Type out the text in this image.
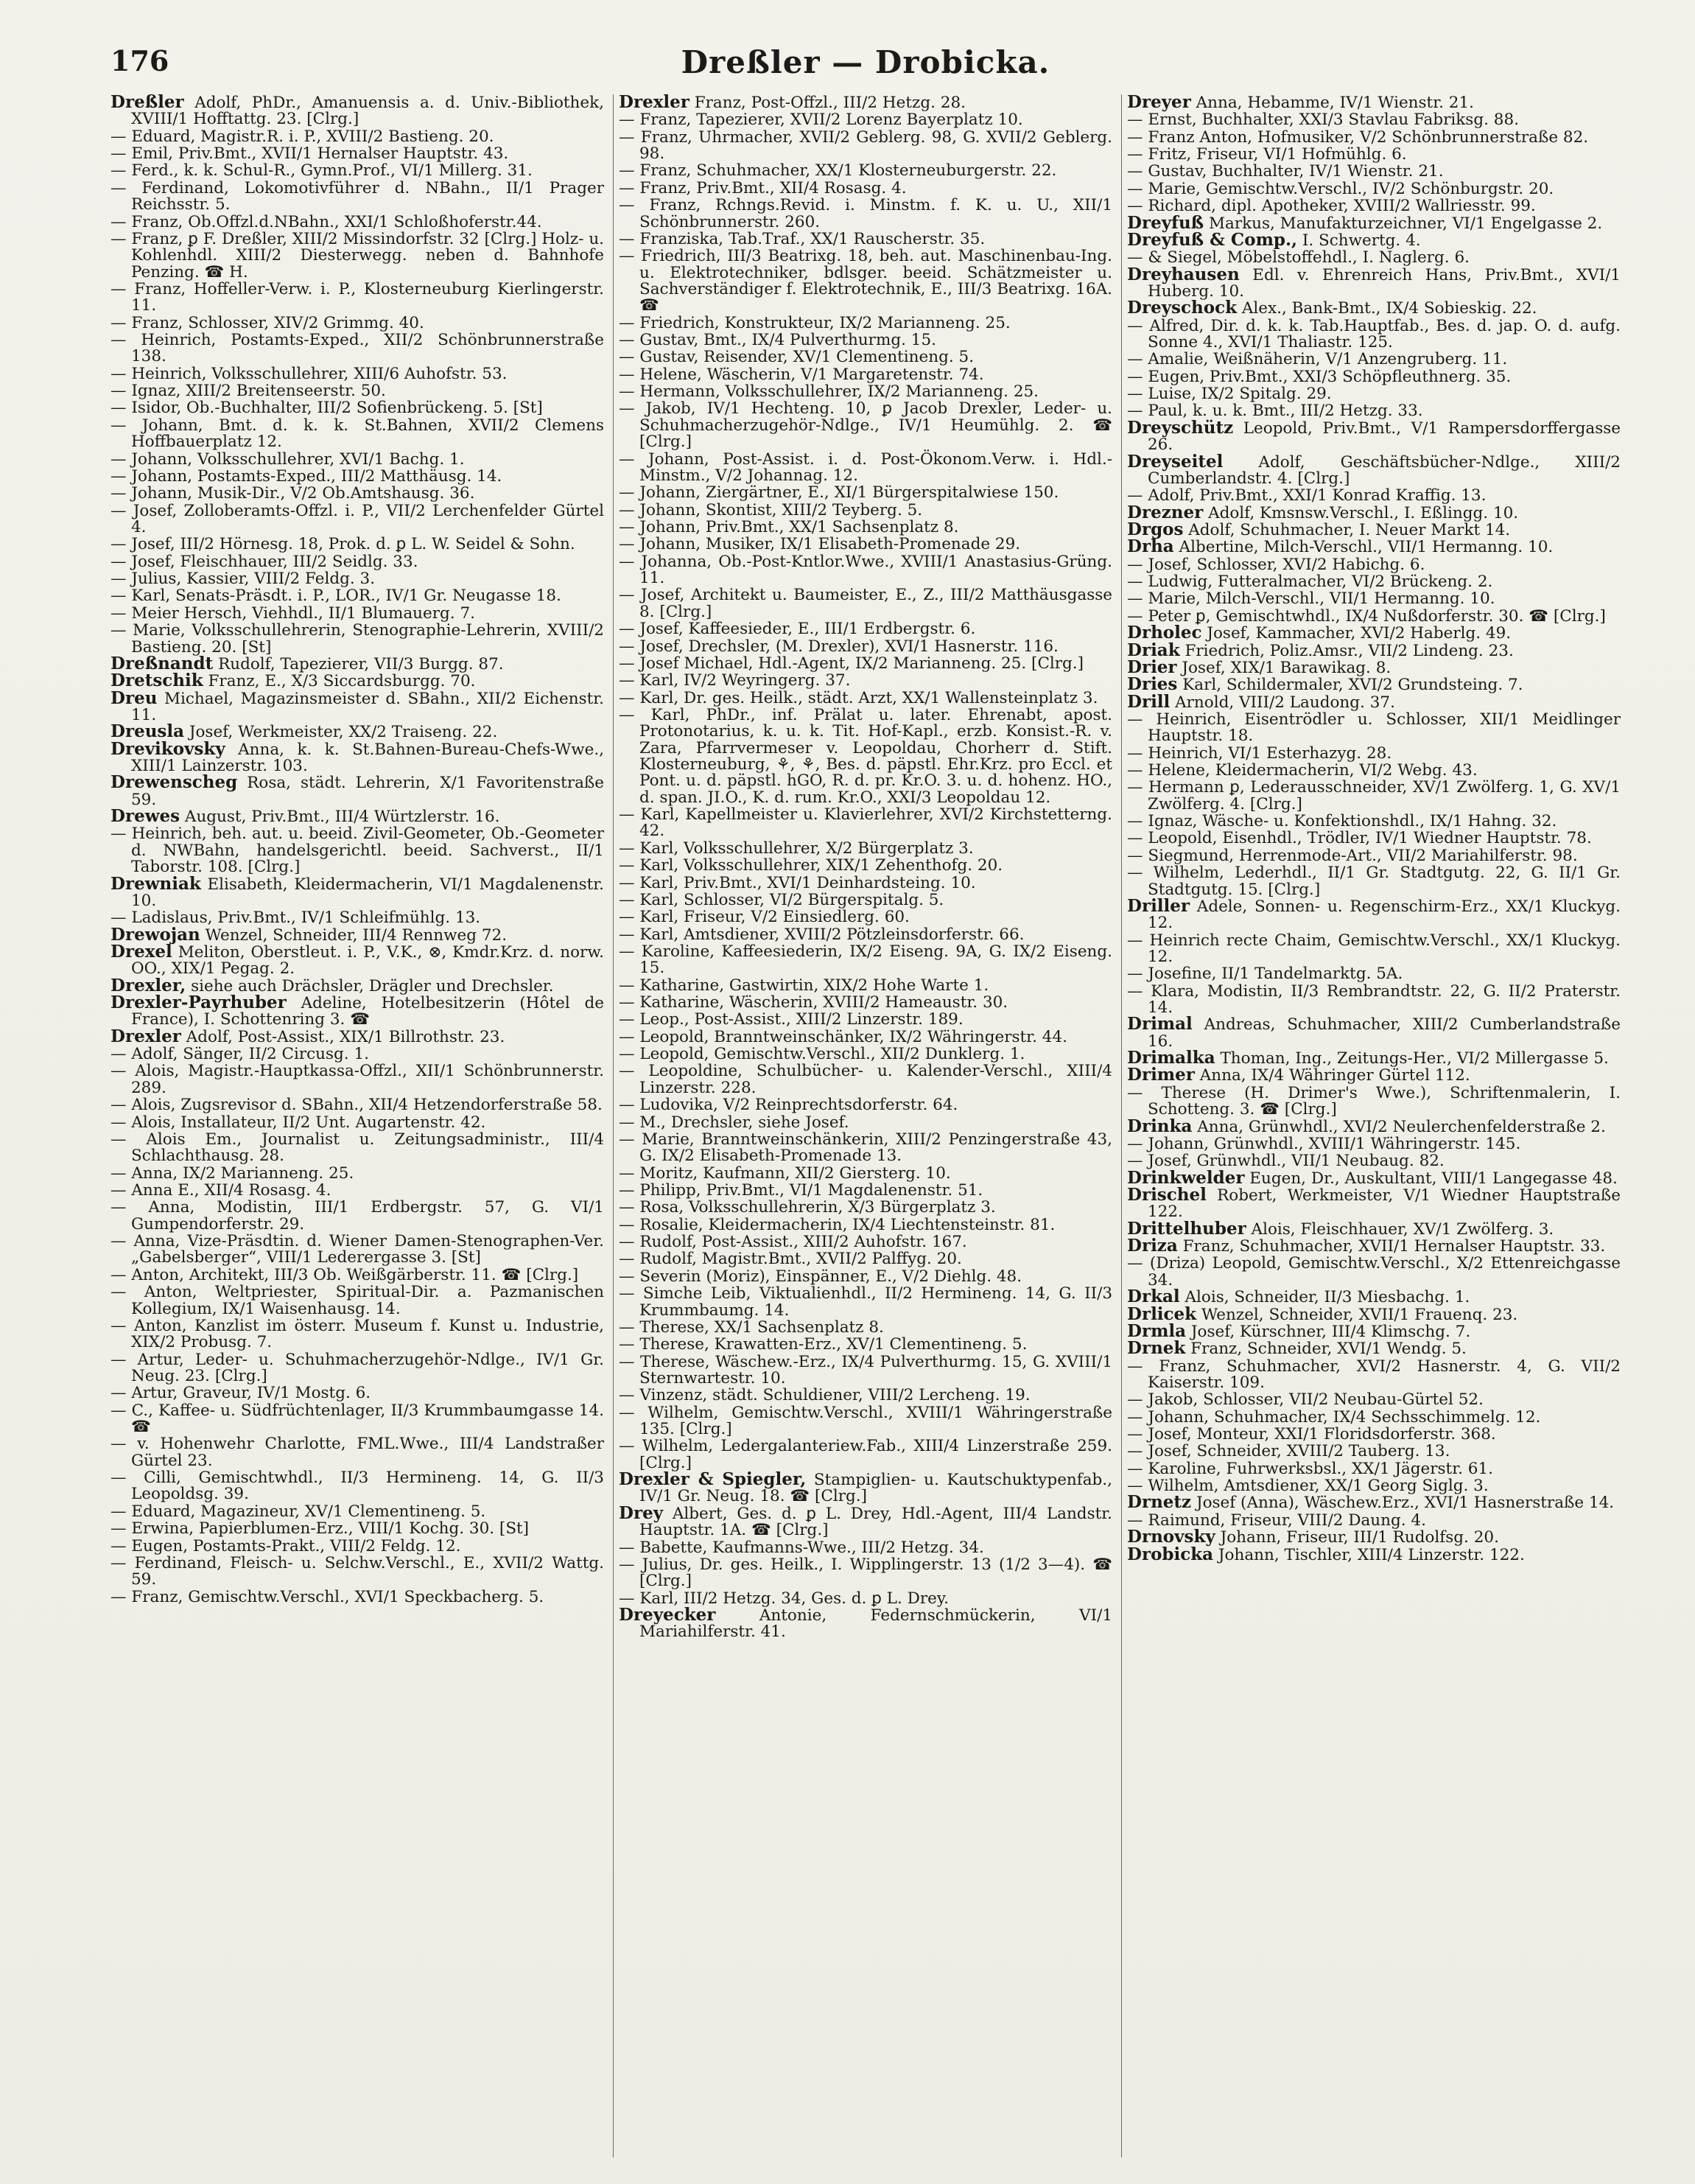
176	Dreßler — Drobicka.

Dreßler Adolf, PhDr., Amanuensis a. d. Univ.-Bibliothek, XVIII/1 Hofftattg. 23. [Clrg.]

— Eduard, Magistr.R. i. P., XVIII/2 Bastieng. 20.

— Emil, Priv.Bmt., XVII/1 Hernalser Hauptstr. 43.

— Ferd., k. k. Schul-R., Gymn.Prof., VI/1 Millerg. 31.

— Ferdinand, Lokomotivführer d. NBahn., II/1 Prager Reichsstr. 5.

— Franz, Ob.Offzl.d.NBahn., XXI/1 Schloßhoferstr.44.

— Franz, ꝑ F. Dreßler, XIII/2 Missindorfstr. 32 [Clrg.] Holz- u. Kohlenhdl. XIII/2 Diesterwegg. neben d. Bahnhofe Penzing. ☎ H.

— Franz, Hoffeller-Verw. i. P., Klosterneuburg Kierlingerstr. 11.

— Franz, Schlosser, XIV/2 Grimmg. 40.

— Heinrich, Postamts-Exped., XII/2 Schönbrunnerstraße 138.

— Heinrich, Volksschullehrer, XIII/6 Auhofstr. 53.

— Ignaz, XIII/2 Breitenseerstr. 50.

— Isidor, Ob.-Buchhalter, III/2 Sofienbrückeng. 5. [St]

— Johann, Bmt. d. k. k. St.Bahnen, XVII/2 Clemens Hoffbauerplatz 12.

— Johann, Volksschullehrer, XVI/1 Bachg. 1.

— Johann, Postamts-Exped., III/2 Matthäusg. 14.

— Johann, Musik-Dir., V/2 Ob.Amtshausg. 36.

— Josef, Zolloberamts-Offzl. i. P., VII/2 Lerchenfelder Gürtel 4.

— Josef, III/2 Hörnesg. 18, Prok. d. ꝑ L. W. Seidel & Sohn.

— Josef, Fleischhauer, III/2 Seidlg. 33.

— Julius, Kassier, VIII/2 Feldg. 3.

— Karl, Senats-Präsdt. i. P., LOR., IV/1 Gr. Neugasse 18.

— Meier Hersch, Viehhdl., II/1 Blumauerg. 7.

— Marie, Volksschullehrerin, Stenographie-Lehrerin, XVIII/2 Bastieng. 20. [St]

Dreßnandt Rudolf, Tapezierer, VII/3 Burgg. 87.

Dretschik Franz, E., X/3 Siccardsburgg. 70.

Dreu Michael, Magazinsmeister d. SBahn., XII/2 Eichenstr. 11.

Dreusla Josef, Werkmeister, XX/2 Traiseng. 22.

Drevikovsky Anna, k. k. St.Bahnen-Bureau-Chefs-Wwe., XIII/1 Lainzerstr. 103.

Drewenscheg Rosa, städt. Lehrerin, X/1 Favoritenstraße 59.

Drewes August, Priv.Bmt., III/4 Würtzlerstr. 16.

— Heinrich, beh. aut. u. beeid. Zivil-Geometer, Ob.-Geometer d. NWBahn, handelsgerichtl. beeid. Sachverst., II/1 Taborstr. 108. [Clrg.]

Drewniak Elisabeth, Kleidermacherin, VI/1 Magdalenenstr. 10.

— Ladislaus, Priv.Bmt., IV/1 Schleifmühlg. 13.

Drewojan Wenzel, Schneider, III/4 Rennweg 72.

Drexel Meliton, Oberstleut. i. P., V.K., ⊗, Kmdr.Krz. d. norw. OO., XIX/1 Pegag. 2.

Drexler, siehe auch Drächsler, Drägler und Drechsler.

Drexler-Payrhuber Adeline, Hotelbesitzerin (Hôtel de France), I. Schottenring 3. ☎

Drexler Adolf, Post-Assist., XIX/1 Billrothstr. 23.

— Adolf, Sänger, II/2 Circusg. 1.

— Alois, Magistr.-Hauptkassa-Offzl., XII/1 Schönbrunnerstr. 289.

— Alois, Zugsrevisor d. SBahn., XII/4 Hetzendorferstraße 58.

— Alois, Installateur, II/2 Unt. Augartenstr. 42.

— Alois Em., Journalist u. Zeitungsadministr., III/4 Schlachthausg. 28.

— Anna, IX/2 Marianneng. 25.

— Anna E., XII/4 Rosasg. 4.

— Anna, Modistin, III/1 Erdbergstr. 57, G. VI/1 Gumpendorferstr. 29.

— Anna, Vize-Präsdtin. d. Wiener Damen-Stenographen-Ver. „Gabelsberger“, VIII/1 Lederergasse 3. [St]

— Anton, Architekt, III/3 Ob. Weißgärberstr. 11. ☎ [Clrg.]

— Anton, Weltpriester, Spiritual-Dir. a. Pazmanischen Kollegium, IX/1 Waisenhausg. 14.

— Anton, Kanzlist im österr. Museum f. Kunst u. Industrie, XIX/2 Probusg. 7.

— Artur, Leder- u. Schuhmacherzugehör-Ndlge., IV/1 Gr. Neug. 23. [Clrg.]

— Artur, Graveur, IV/1 Mostg. 6.

— C., Kaffee- u. Südfrüchtenlager, II/3 Krummbaumgasse 14. ☎

— v. Hohenwehr Charlotte, FML.Wwe., III/4 Landstraßer Gürtel 23.

— Cilli, Gemischtwhdl., II/3 Hermineng. 14, G. II/3 Leopoldsg. 39.

— Eduard, Magazineur, XV/1 Clementineng. 5.

— Erwina, Papierblumen-Erz., VIII/1 Kochg. 30. [St]

— Eugen, Postamts-Prakt., VIII/2 Feldg. 12.

— Ferdinand, Fleisch- u. Selchw.Verschl., E., XVII/2 Wattg. 59.

— Franz, Gemischtw.Verschl., XVI/1 Speckbacherg. 5.

Drexler Franz, Post-Offzl., III/2 Hetzg. 28.

— Franz, Tapezierer, XVII/2 Lorenz Bayerplatz 10.

— Franz, Uhrmacher, XVII/2 Geblerg. 98, G. XVII/2 Geblerg. 98.

— Franz, Schuhmacher, XX/1 Klosterneuburgerstr. 22.

— Franz, Priv.Bmt., XII/4 Rosasg. 4.

— Franz, Rchngs.Revid. i. Minstm. f. K. u. U., XII/1 Schönbrunnerstr. 260.

— Franziska, Tab.Traf., XX/1 Rauscherstr. 35.

— Friedrich, III/3 Beatrixg. 18, beh. aut. Maschinenbau-Ing. u. Elektrotechniker, bdlsger. beeid. Schätzmeister u. Sachverständiger f. Elektrotechnik, E., III/3 Beatrixg. 16A. ☎

— Friedrich, Konstrukteur, IX/2 Marianneng. 25.

— Gustav, Bmt., IX/4 Pulverthurmg. 15.

— Gustav, Reisender, XV/1 Clementineng. 5.

— Helene, Wäscherin, V/1 Margaretenstr. 74.

— Hermann, Volksschullehrer, IX/2 Marianneng. 25.

— Jakob, IV/1 Hechteng. 10, ꝑ Jacob Drexler, Leder- u. Schuhmacherzugehör-Ndlge., IV/1 Heumühlg. 2. ☎ [Clrg.]

— Johann, Post-Assist. i. d. Post-Ökonom.Verw. i. Hdl.-Minstm., V/2 Johannag. 12.

— Johann, Ziergärtner, E., XI/1 Bürgerspitalwiese 150.

— Johann, Skontist, XIII/2 Teyberg. 5.

— Johann, Priv.Bmt., XX/1 Sachsenplatz 8.

— Johann, Musiker, IX/1 Elisabeth-Promenade 29.

— Johanna, Ob.-Post-Kntlor.Wwe., XVIII/1 Anastasius-Grüng. 11.

— Josef, Architekt u. Baumeister, E., Z., III/2 Matthäusgasse 8. [Clrg.]

— Josef, Kaffeesieder, E., III/1 Erdbergstr. 6.

— Josef, Drechsler, (M. Drexler), XVI/1 Hasnerstr. 116.

— Josef Michael, Hdl.-Agent, IX/2 Marianneng. 25. [Clrg.]

— Karl, IV/2 Weyringerg. 37.

— Karl, Dr. ges. Heilk., städt. Arzt, XX/1 Wallensteinplatz 3.

— Karl, PhDr., inf. Prälat u. later. Ehrenabt, apost. Protonotarius, k. u. k. Tit. Hof-Kapl., erzb. Konsist.-R. v. Zara, Pfarrvermeser v. Leopoldau, Chorherr d. Stift. Klosterneuburg, ⚘, ⚘, Bes. d. päpstl. Ehr.Krz. pro Eccl. et Pont. u. d. päpstl. hGO, R. d. pr. Kr.O. 3. u. d. hohenz. HO., d. span. JI.O., K. d. rum. Kr.O., XXI/3 Leopoldau 12.

— Karl, Kapellmeister u. Klavierlehrer, XVI/2 Kirchstetterng. 42.

— Karl, Volksschullehrer, X/2 Bürgerplatz 3.

— Karl, Volksschullehrer, XIX/1 Zehenthofg. 20.

— Karl, Priv.Bmt., XVI/1 Deinhardsteing. 10.

— Karl, Schlosser, VI/2 Bürgerspitalg. 5.

— Karl, Friseur, V/2 Einsiedlerg. 60.

— Karl, Amtsdiener, XVIII/2 Pötzleinsdorferstr. 66.

— Karoline, Kaffeesiederin, IX/2 Eiseng. 9A, G. IX/2 Eiseng. 15.

— Katharine, Gastwirtin, XIX/2 Hohe Warte 1.

— Katharine, Wäscherin, XVIII/2 Hameaustr. 30.

— Leop., Post-Assist., XIII/2 Linzerstr. 189.

— Leopold, Branntweinschänker, IX/2 Währingerstr. 44.

— Leopold, Gemischtw.Verschl., XII/2 Dunklerg. 1.

— Leopoldine, Schulbücher- u. Kalender-Verschl., XIII/4 Linzerstr. 228.

— Ludovika, V/2 Reinprechtsdorferstr. 64.

— M., Drechsler, siehe Josef.

— Marie, Branntweinschänkerin, XIII/2 Penzingerstraße 43, G. IX/2 Elisabeth-Promenade 13.

— Moritz, Kaufmann, XII/2 Giersterg. 10.

— Philipp, Priv.Bmt., VI/1 Magdalenenstr. 51.

— Rosa, Volksschullehrerin, X/3 Bürgerplatz 3.

— Rosalie, Kleidermacherin, IX/4 Liechtensteinstr. 81.

— Rudolf, Post-Assist., XIII/2 Auhofstr. 167.

— Rudolf, Magistr.Bmt., XVII/2 Palffyg. 20.

— Severin (Moriz), Einspänner, E., V/2 Diehlg. 48.

— Simche Leib, Viktualienhdl., II/2 Hermineng. 14, G. II/3 Krummbaumg. 14.

— Therese, XX/1 Sachsenplatz 8.

— Therese, Krawatten-Erz., XV/1 Clementineng. 5.

— Therese, Wäschew.-Erz., IX/4 Pulverthurmg. 15, G. XVIII/1 Sternwartestr. 10.

— Vinzenz, städt. Schuldiener, VIII/2 Lercheng. 19.

— Wilhelm, Gemischtw.Verschl., XVIII/1 Währingerstraße 135. [Clrg.]

— Wilhelm, Ledergalanteriew.Fab., XIII/4 Linzerstraße 259. [Clrg.]

Drexler & Spiegler, Stampiglien- u. Kautschuktypenfab., IV/1 Gr. Neug. 18. ☎ [Clrg.]

Drey Albert, Ges. d. ꝑ L. Drey, Hdl.-Agent, III/4 Landstr. Hauptstr. 1A. ☎ [Clrg.]

— Babette, Kaufmanns-Wwe., III/2 Hetzg. 34.

— Julius, Dr. ges. Heilk., I. Wipplingerstr. 13 (1/2 3—4). ☎ [Clrg.]

— Karl, III/2 Hetzg. 34, Ges. d. ꝑ L. Drey.

Dreyecker Antonie, Federnschmückerin, VI/1 Mariahilferstr. 41.

Dreyer Anna, Hebamme, IV/1 Wienstr. 21.

— Ernst, Buchhalter, XXI/3 Stavlau Fabriksg. 88.

— Franz Anton, Hofmusiker, V/2 Schönbrunnerstraße 82.

— Fritz, Friseur, VI/1 Hofmühlg. 6.

— Gustav, Buchhalter, IV/1 Wienstr. 21.

— Marie, Gemischtw.Verschl., IV/2 Schönburgstr. 20.

— Richard, dipl. Apotheker, XVIII/2 Wallriesstr. 99.

Dreyfuß Markus, Manufakturzeichner, VI/1 Engelgasse 2.

Dreyfuß & Comp., I. Schwertg. 4.

— & Siegel, Möbelstoffehdl., I. Naglerg. 6.

Dreyhausen Edl. v. Ehrenreich Hans, Priv.Bmt., XVI/1 Huberg. 10.

Dreyschock Alex., Bank-Bmt., IX/4 Sobieskig. 22.

— Alfred, Dir. d. k. k. Tab.Hauptfab., Bes. d. jap. O. d. aufg. Sonne 4., XVI/1 Thaliastr. 125.

— Amalie, Weißnäherin, V/1 Anzengruberg. 11.

— Eugen, Priv.Bmt., XXI/3 Schöpfleuthnerg. 35.

— Luise, IX/2 Spitalg. 29.

— Paul, k. u. k. Bmt., III/2 Hetzg. 33.

Dreyschütz Leopold, Priv.Bmt., V/1 Rampersdorffergasse 26.

Dreyseitel Adolf, Geschäftsbücher-Ndlge., XIII/2 Cumberlandstr. 4. [Clrg.]

— Adolf, Priv.Bmt., XXI/1 Konrad Kraffig. 13.

Drezner Adolf, Kmsnsw.Verschl., I. Eßlingg. 10.

Drgos Adolf, Schuhmacher, I. Neuer Markt 14.

Drha Albertine, Milch-Verschl., VII/1 Hermanng. 10.

— Josef, Schlosser, XVI/2 Habichg. 6.

— Ludwig, Futteralmacher, VI/2 Brückeng. 2.

— Marie, Milch-Verschl., VII/1 Hermanng. 10.

— Peter ꝑ, Gemischtwhdl., IX/4 Nußdorferstr. 30. ☎ [Clrg.]

Drholec Josef, Kammacher, XVI/2 Haberlg. 49.

Driak Friedrich, Poliz.Amsr., VII/2 Lindeng. 23.

Drier Josef, XIX/1 Barawikag. 8.

Dries Karl, Schildermaler, XVI/2 Grundsteing. 7.

Drill Arnold, VIII/2 Laudong. 37.

— Heinrich, Eisentrödler u. Schlosser, XII/1 Meidlinger Hauptstr. 18.

— Heinrich, VI/1 Esterhazyg. 28.

— Helene, Kleidermacherin, VI/2 Webg. 43.

— Hermann ꝑ, Lederausschneider, XV/1 Zwölferg. 1, G. XV/1 Zwölferg. 4. [Clrg.]

— Ignaz, Wäsche- u. Konfektionshdl., IX/1 Hahng. 32.

— Leopold, Eisenhdl., Trödler, IV/1 Wiedner Hauptstr. 78.

— Siegmund, Herrenmode-Art., VII/2 Mariahilferstr. 98.

— Wilhelm, Lederhdl., II/1 Gr. Stadtgutg. 22, G. II/1 Gr. Stadtgutg. 15. [Clrg.]

Driller Adele, Sonnen- u. Regenschirm-Erz., XX/1 Kluckyg. 12.

— Heinrich recte Chaim, Gemischtw.Verschl., XX/1 Kluckyg. 12.

— Josefine, II/1 Tandelmarktg. 5A.

— Klara, Modistin, II/3 Rembrandtstr. 22, G. II/2 Praterstr. 14.

Drimal Andreas, Schuhmacher, XIII/2 Cumberlandstraße 16.

Drimalka Thoman, Ing., Zeitungs-Her., VI/2 Millergasse 5.

Drimer Anna, IX/4 Währinger Gürtel 112.

— Therese (H. Drimer's Wwe.), Schriftenmalerin, I. Schotteng. 3. ☎ [Clrg.]

Drinka Anna, Grünwhdl., XVI/2 Neulerchenfelderstraße 2.

— Johann, Grünwhdl., XVIII/1 Währingerstr. 145.

— Josef, Grünwhdl., VII/1 Neubaug. 82.

Drinkwelder Eugen, Dr., Auskultant, VIII/1 Langegasse 48.

Drischel Robert, Werkmeister, V/1 Wiedner Hauptstraße 122.

Drittelhuber Alois, Fleischhauer, XV/1 Zwölferg. 3.

Driza Franz, Schuhmacher, XVII/1 Hernalser Hauptstr. 33.

— (Driza) Leopold, Gemischtw.Verschl., X/2 Ettenreichgasse 34.

Drkal Alois, Schneider, II/3 Miesbachg. 1.

Drlicek Wenzel, Schneider, XVII/1 Frauenq. 23.

Drmla Josef, Kürschner, III/4 Klimschg. 7.

Drnek Franz, Schneider, XVI/1 Wendg. 5.

— Franz, Schuhmacher, XVI/2 Hasnerstr. 4, G. VII/2 Kaiserstr. 109.

— Jakob, Schlosser, VII/2 Neubau-Gürtel 52.

— Johann, Schuhmacher, IX/4 Sechsschimmelg. 12.

— Josef, Monteur, XXI/1 Floridsdorferstr. 368.

— Josef, Schneider, XVIII/2 Tauberg. 13.

— Karoline, Fuhrwerksbsl., XX/1 Jägerstr. 61.

— Wilhelm, Amtsdiener, XX/1 Georg Siglg. 3.

Drnetz Josef (Anna), Wäschew.Erz., XVI/1 Hasnerstraße 14.

— Raimund, Friseur, VIII/2 Daung. 4.

Drnovsky Johann, Friseur, III/1 Rudolfsg. 20.

Drobicka Johann, Tischler, XIII/4 Linzerstr. 122.
